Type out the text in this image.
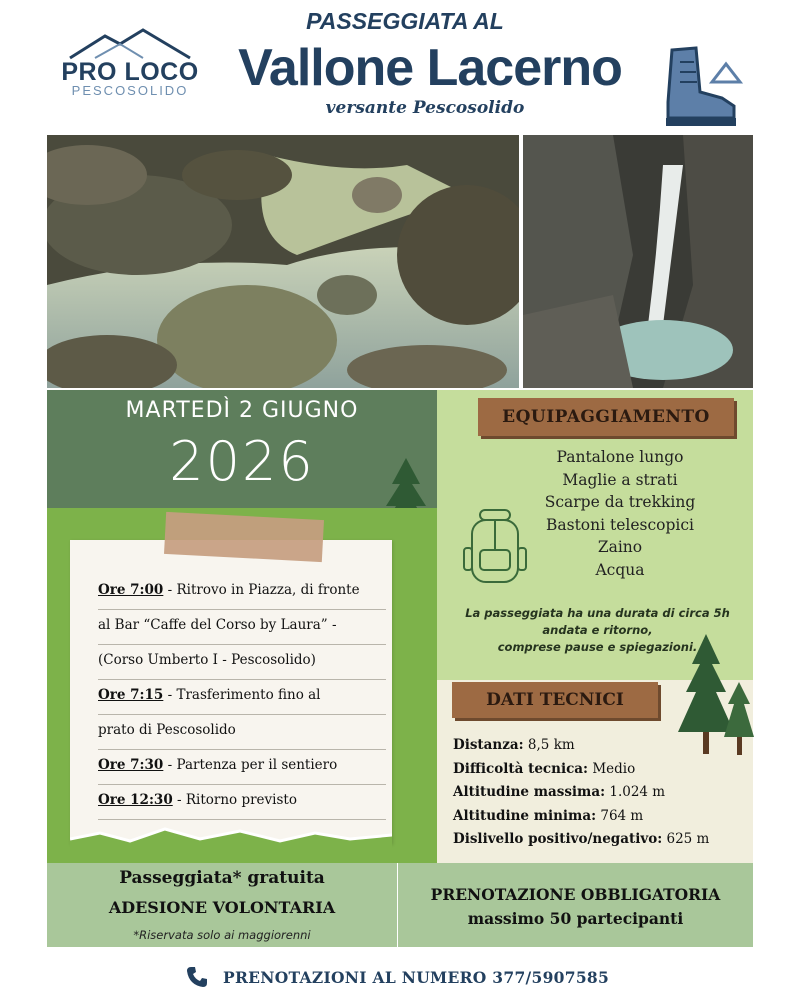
PRO LOCO
PESCOSOLIDO
PASSEGGIATA AL
Vallone Lacerno
versante Pescosolido
MARTEDÌ 2 GIUGNO
2026
EQUIPAGGIAMENTO
Pantalone lungo
Maglie a strati
Scarpe da trekking
Bastoni telescopici
Zaino
Acqua
La passeggiata ha una durata di circa 5h
andata e ritorno,
comprese pause e spiegazioni.
DATI TECNICI
Distanza: 8,5 km
Difficoltà tecnica: Medio
Altitudine massima: 1.024 m
Altitudine minima: 764 m
Dislivello positivo/negativo: 625 m
Ore 7:00 - Ritrovo in Piazza, di fronte
al Bar “Caffe del Corso by Laura” -
(Corso Umberto I - Pescosolido)
Ore 7:15 - Trasferimento fino al
prato di Pescosolido
Ore 7:30 - Partenza per il sentiero
Ore 12:30 - Ritorno previsto
Passeggiata* gratuita
ADESIONE VOLONTARIA
*Riservata solo ai maggiorenni
PRENOTAZIONE OBBLIGATORIA
massimo 50 partecipanti
PRENOTAZIONI AL NUMERO 377/5907585
